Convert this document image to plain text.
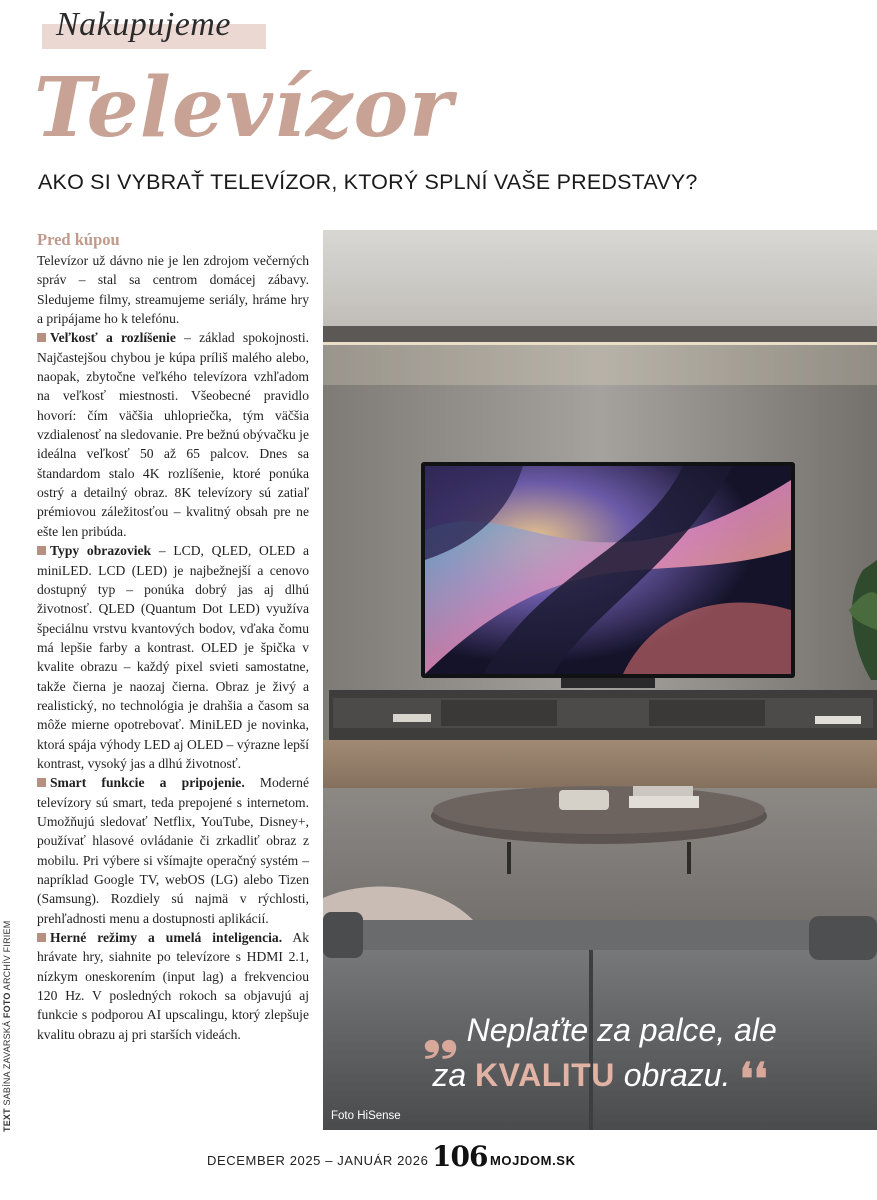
Nakupujeme
Televízor
AKO SI VYBRAŤ TELEVÍZOR, KTORÝ SPLNÍ VAŠE PREDSTAVY?
Pred kúpou

Televízor už dávno nie je len zdrojom večerných správ – stal sa centrom domácej zábavy. Sledujeme filmy, streamujeme seriály, hráme hry a pripájame ho k telefónu.

Veľkosť a rozlíšenie – základ spokojnosti. Najčastejšou chybou je kúpa príliš malého alebo, naopak, zbytočne veľkého televízora vzhľadom na veľkosť miestnosti. Všeobecné pravidlo hovorí: čím väčšia uhlopriečka, tým väčšia vzdialenosť na sledovanie. Pre bežnú obývačku je ideálna veľkosť 50 až 65 palcov. Dnes sa štandardom stalo 4K rozlíšenie, ktoré ponúka ostrý a detailný obraz. 8K televízory sú zatiaľ prémiovou záležitosťou – kvalitný obsah pre ne ešte len pribúda.

Typy obrazoviek – LCD, QLED, OLED a miniLED. LCD (LED) je najbežnejší a cenovo dostupný typ – ponúka dobrý jas aj dlhú životnosť. QLED (Quantum Dot LED) využíva špeciálnu vrstvu kvantových bodov, vďaka čomu má lepšie farby a kontrast. OLED je špička v kvalite obrazu – každý pixel svieti samostatne, takže čierna je naozaj čierna. Obraz je živý a realistický, no technológia je drahšia a časom sa môže mierne opotrebovať. MiniLED je novinka, ktorá spája výhody LED aj OLED – výrazne lepší kontrast, vysoký jas a dlhú životnosť.

Smart funkcie a pripojenie. Moderné televízory sú smart, teda prepojené s internetom. Umožňujú sledovať Netflix, YouTube, Disney+, používať hlasové ovládanie či zrkadliť obraz z mobilu. Pri výbere si všímajte operačný systém – napríklad Google TV, webOS (LG) alebo Tizen (Samsung). Rozdiely sú najmä v rýchlosti, prehľadnosti menu a dostupnosti aplikácií.

Herné režimy a umelá inteligencia. Ak hrávate hry, siahnite po televízore s HDMI 2.1, nízkym oneskorením (input lag) a frekvenciou 120 Hz. V posledných rokoch sa objavujú aj funkcie s podporou AI upscalingu, ktorý zlepšuje kvalitu obrazu aj pri starších videách.	❟❟ Neplaťte za palce, ale
za KVALITU obrazu. ❛❛
Foto HiSense
TEXT SABÍNA ZAVARSKÁ FOTO ARCHÍV FIRIEM
DECEMBER 2025 – JANUÁR 2026 106 MOJDOM.SK
